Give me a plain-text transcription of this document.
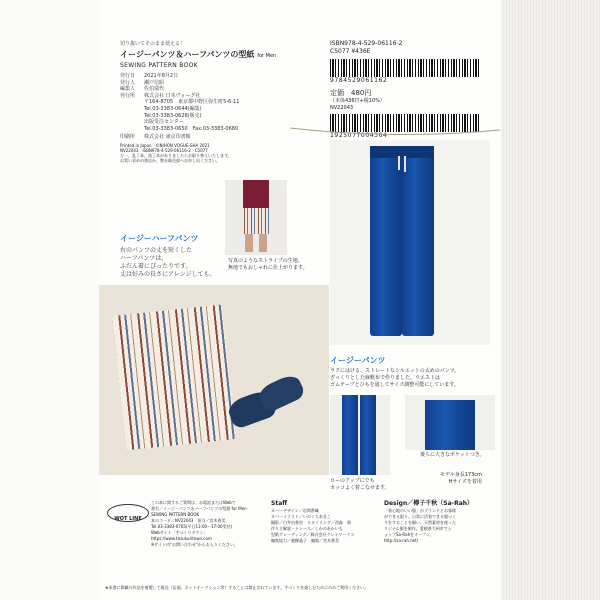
切り抜いてそのまま使える！
イージーパンツ＆ハーフパンツの型紙 for Men
SEWING PATTERN BOOK
発行日	2021年8月2日
発行人	瀬戸信昭
編集人	佐伯瑞代
発行所	株式会社 日本ヴォーグ社
〒164-8705　東京都中野区弥生町5-6-11
Tel.03-3383-0644(編集)
Tel.03-3383-0628(販売)
出版受注センター
Tel.03-3383-0650　Fax.03-3383-0680
印刷所	株式会社 東京印書館
Printed in Japan　©NIHON VOGUE-SHA 2021
NV22043　ISBN978-4-529-06116-2　C5077
万一、乱丁本、落丁本がありましたらお取り替えいたします。
お買い求めの書店か、弊社販売部へお申し出ください。
ISBN978-4-529-06116-2
C5077 ¥436E
9784529061162
定価　480円
（本体436円+税10%）
NV22043
1925077004364
イージーハーフパンツ
右のパンツの丈を短くした
ハーフパンツは、
ふだん着にぴったりです。
丈は好みの長さにアレンジしても。
写真のようなストライプの生地、
無地でもおしゃれに仕上がります。
イージーパンツ
ラクにはける、ストレートなシルエットの太めのパンツ。
ざっくりとした麻帆布で作りました。ウエストは
ゴムテープとひもを通してサイズ調整可能にしています。
後ろに大きなポケットつき。
ローのアップにでも
カッコよく着こなせます。
モデル身長173cm
Hサイズを着用
WOT LINE
この本に関するご質問は、お電話またはWebで
書名／イージーパンツ＆ハーフパンツの型紙 for Men
SEWING PATTERN BOOK
本のコード／NV22043　担当／宮木香美
Tel.03-3383-0765(平日13:00〜17:00受付)
Webサイト「手づくりタウン」
https://www.tezukuritown.com
※サイト内"お問い合わせ"からお入りください。
Staff
カバーデザイン／岩間香織
カバーイラスト／いのくちあきこ
撮影／白井由香里　スタイリング／西森　萌
作り方解説・トレース／しかのあかいも
型紙グレーディング／株式会社クレイワークス
編集協力／蜜柳晶子　編集／宮木香美
Design／樽子千秋（Sa-Rah）
「着心地のいい服」がブランドとお客様
ができる限り、日常に活着できる服つく
りをすることを願い、天然素材を使った
リジナル服を制作。愛媛県大州市でシ
ョップSa-Rahをオープン。
http://sa-rah.net/
★本書に掲載の作品を複製して販売（店頭、ネットオークション等）することは禁止されています。手づくりを楽しむためにのみご利用ください。
